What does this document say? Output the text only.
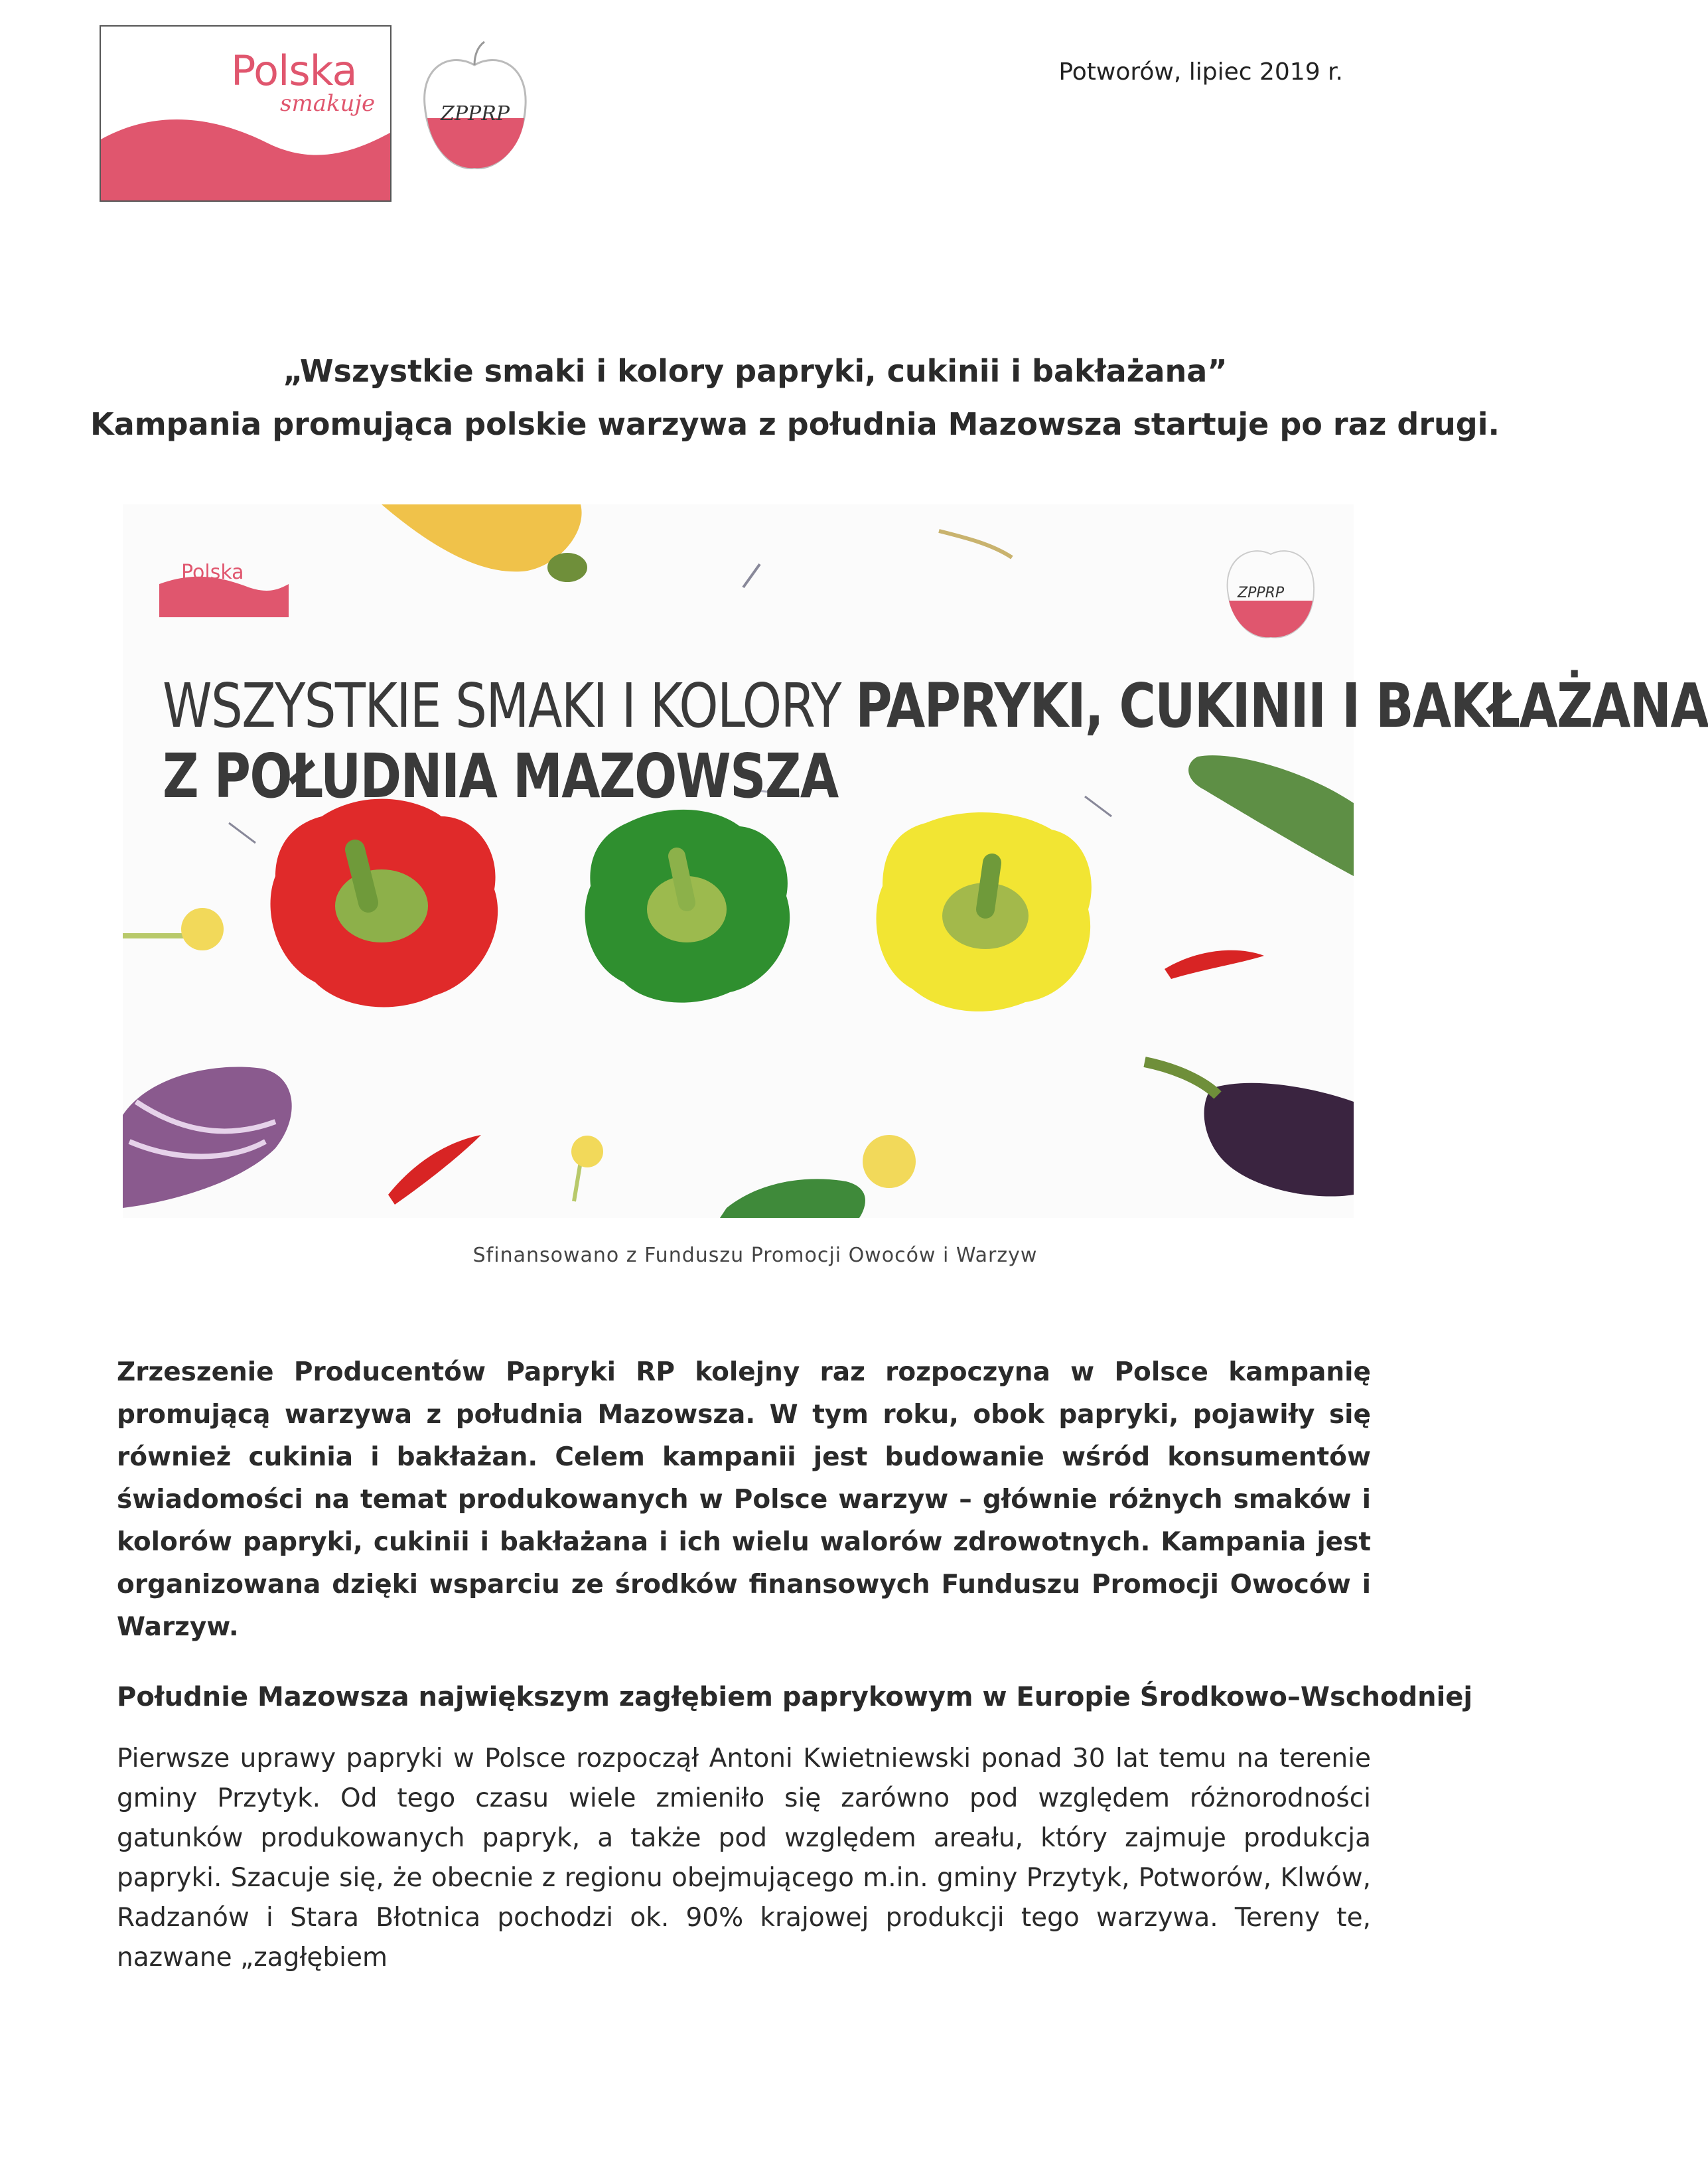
Polska
smakuje	ZPPRP
Potworów, lipiec 2019 r.
„Wszystkie smaki i kolory papryki, cukinii i bakłażana”
Kampania promująca polskie warzywa z południa Mazowsza startuje po raz drugi.
Polska
ZPPRP
WSZYSTKIE SMAKI I KOLORY PAPRYKI, CUKINII I BAKŁAŻANA
Z POŁUDNIA MAZOWSZA
Sfinansowano z Funduszu Promocji Owoców i Warzyw
Zrzeszenie Producentów Papryki RP kolejny raz rozpoczyna w Polsce kampanię promującą warzywa z południa Mazowsza. W tym roku, obok papryki, pojawiły się również cukinia i bakłażan. Celem kampanii jest budowanie wśród konsumentów świadomości na temat produkowanych w Polsce warzyw – głównie różnych smaków i kolorów papryki, cukinii i bakłażana i ich wielu walorów zdrowotnych. Kampania jest organizowana dzięki wsparciu ze środków finansowych Funduszu Promocji Owoców i Warzyw.
Południe Mazowsza największym zagłębiem paprykowym w Europie Środkowo–Wschodniej
Pierwsze uprawy papryki w Polsce rozpoczął Antoni Kwietniewski ponad 30 lat temu na terenie gminy Przytyk. Od tego czasu wiele zmieniło się zarówno pod względem różnorodności gatunków produkowanych papryk, a także pod względem areału, który zajmuje produkcja papryki. Szacuje się, że obecnie z regionu obejmującego m.in. gminy Przytyk, Potworów, Klwów, Radzanów i Stara Błotnica pochodzi ok. 90% krajowej produkcji tego warzywa. Tereny te, nazwane „zagłębiem
